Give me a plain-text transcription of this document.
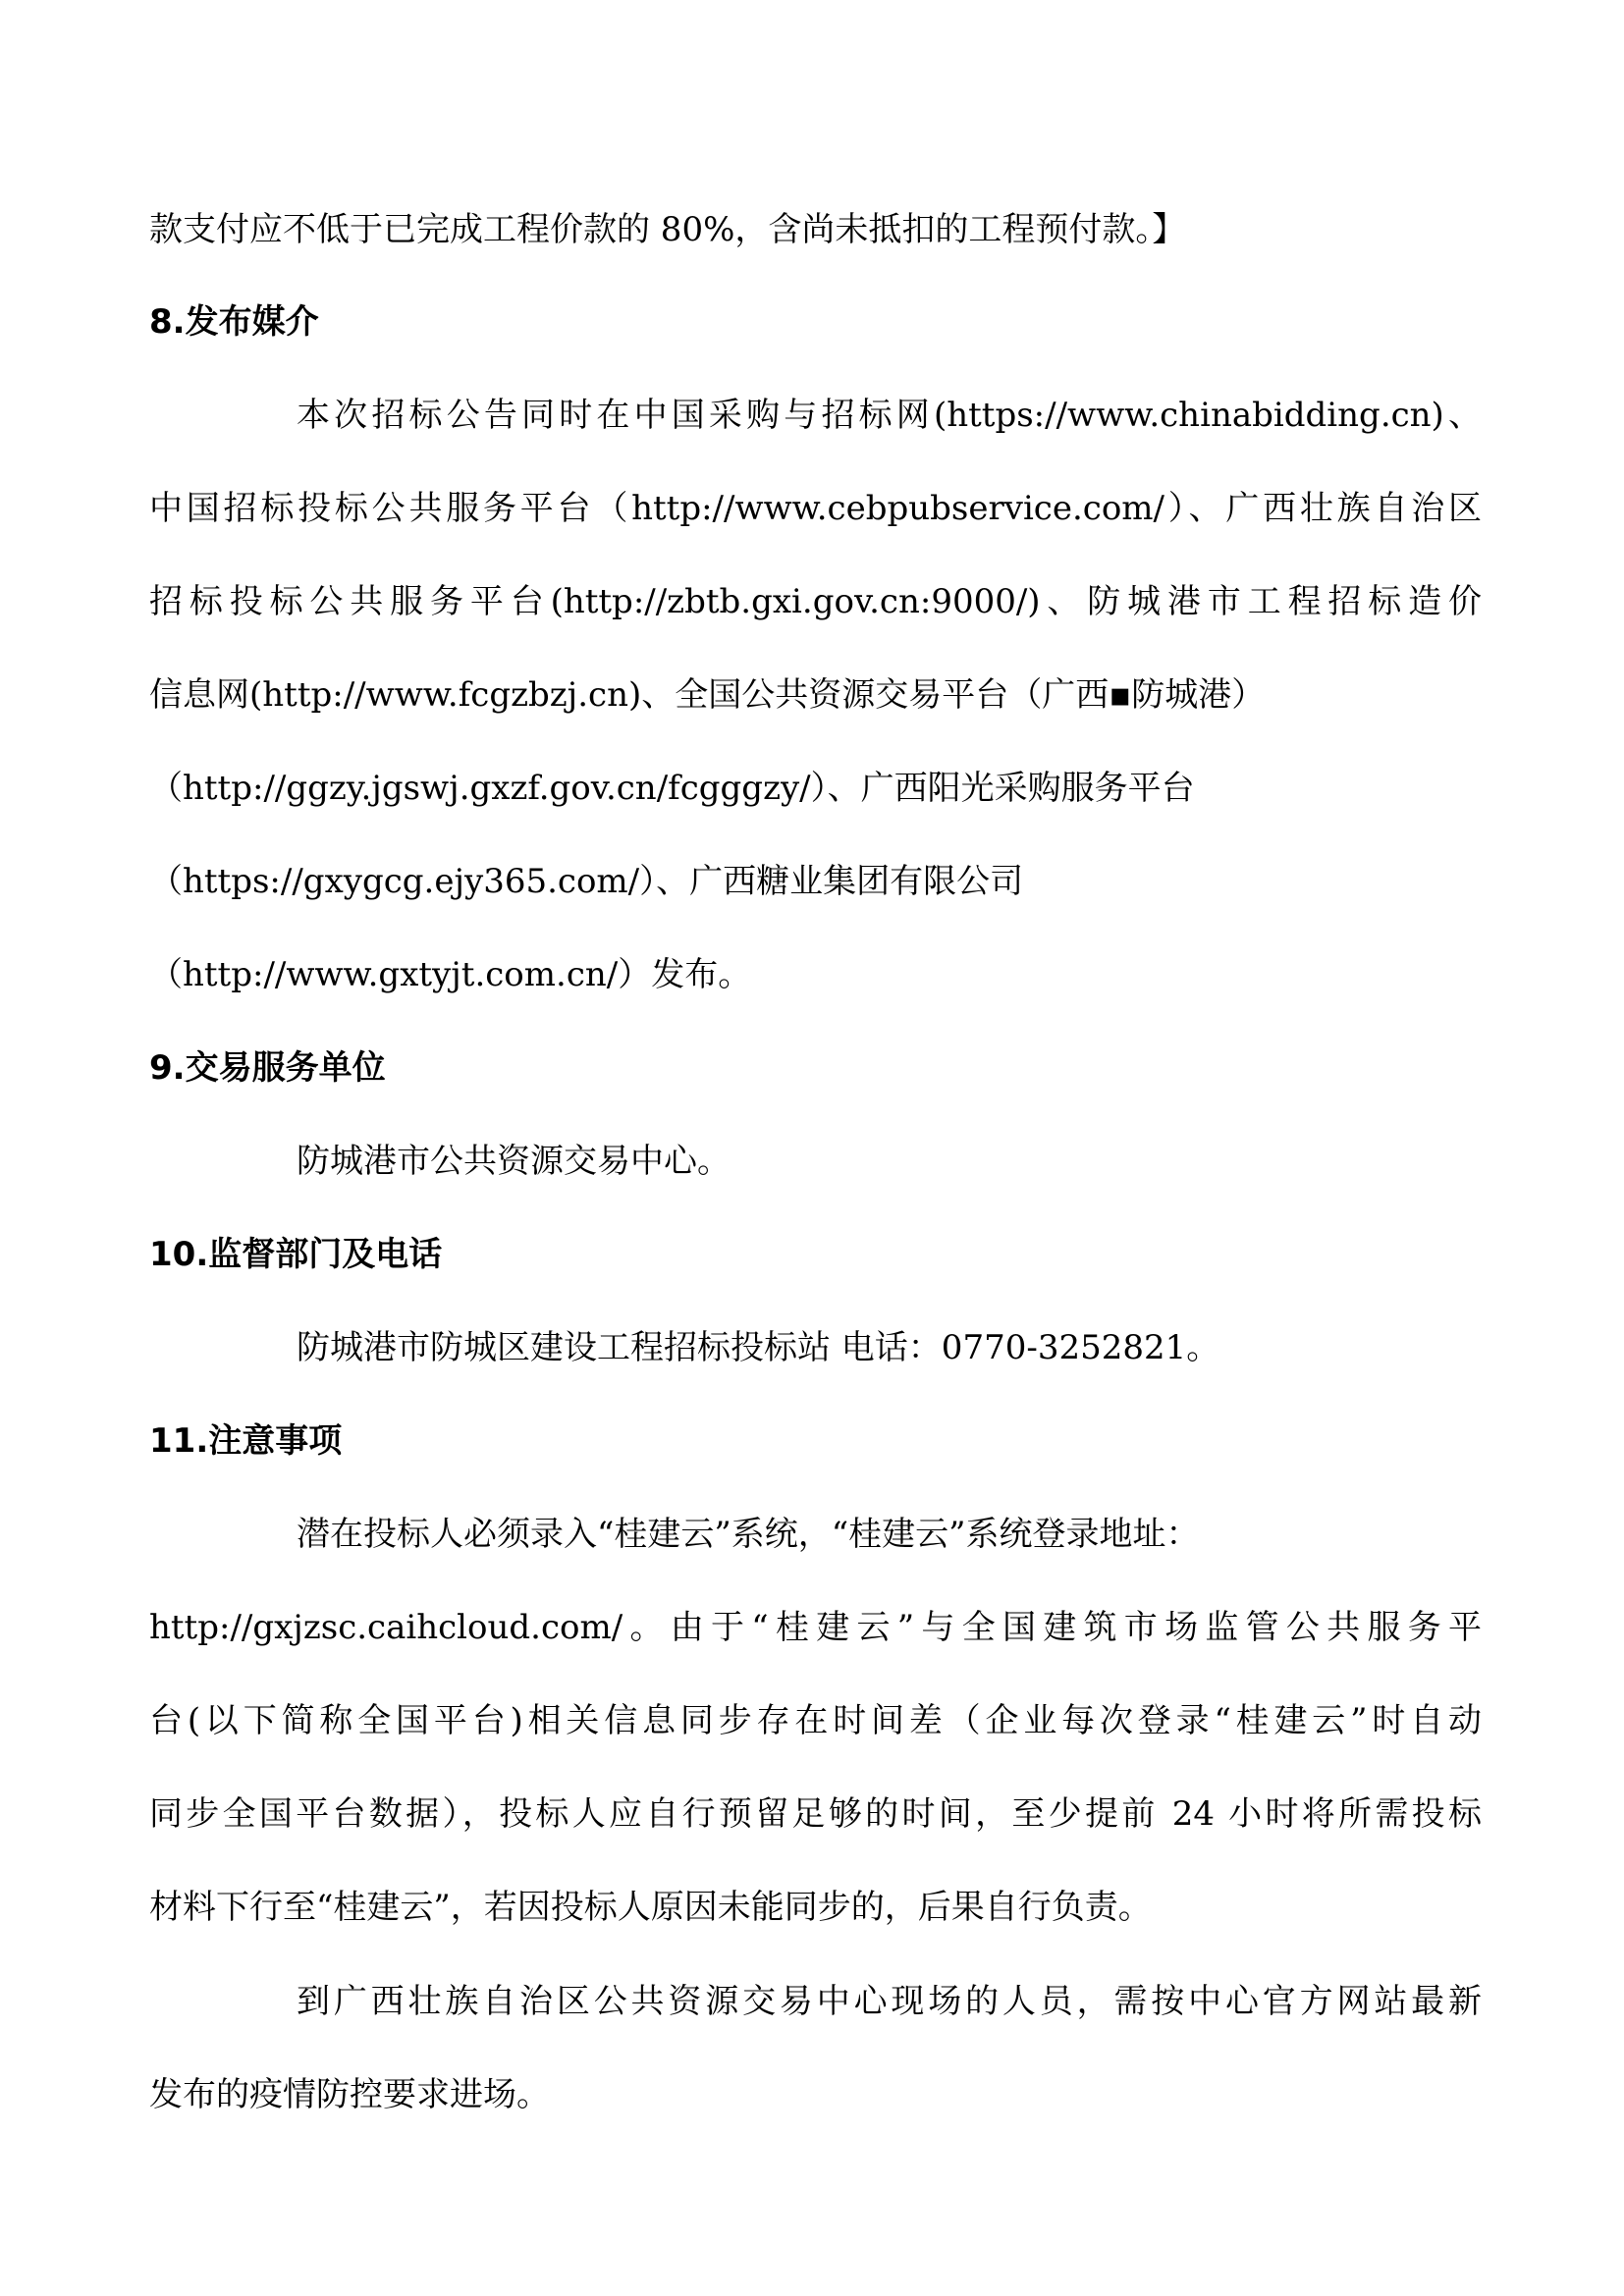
款支付应不低于已完成工程价款的 80%，含尚未抵扣的工程预付款。】

8.发布媒介

本次招标公告同时在中国采购与招标网(https://www.chinabidding.cn)、

中国招标投标公共服务平台（http://www.cebpubservice.com/）、广西壮族自治区

招标投标公共服务平台(http://zbtb.gxi.gov.cn:9000/)、防城港市工程招标造价

信息网(http://www.fcgzbzj.cn)、全国公共资源交易平台（广西▪防城港）

（http://ggzy.jgswj.gxzf.gov.cn/fcgggzy/）、广西阳光采购服务平台

（https://gxygcg.ejy365.com/）、广西糖业集团有限公司

（http://www.gxtyjt.com.cn/）发布。

9.交易服务单位

防城港市公共资源交易中心。

10.监督部门及电话

防城港市防城区建设工程招标投标站 电话：0770-3252821。

11.注意事项

潜在投标人必须录入“桂建云”系统，“桂建云”系统登录地址：

http://gxjzsc.caihcloud.com/。由于“桂建云”与全国建筑市场监管公共服务平

台(以下简称全国平台)相关信息同步存在时间差（企业每次登录“桂建云”时自动

同步全国平台数据），投标人应自行预留足够的时间，至少提前 24 小时将所需投标

材料下行至“桂建云”，若因投标人原因未能同步的，后果自行负责。

到广西壮族自治区公共资源交易中心现场的人员，需按中心官方网站最新

发布的疫情防控要求进场。
